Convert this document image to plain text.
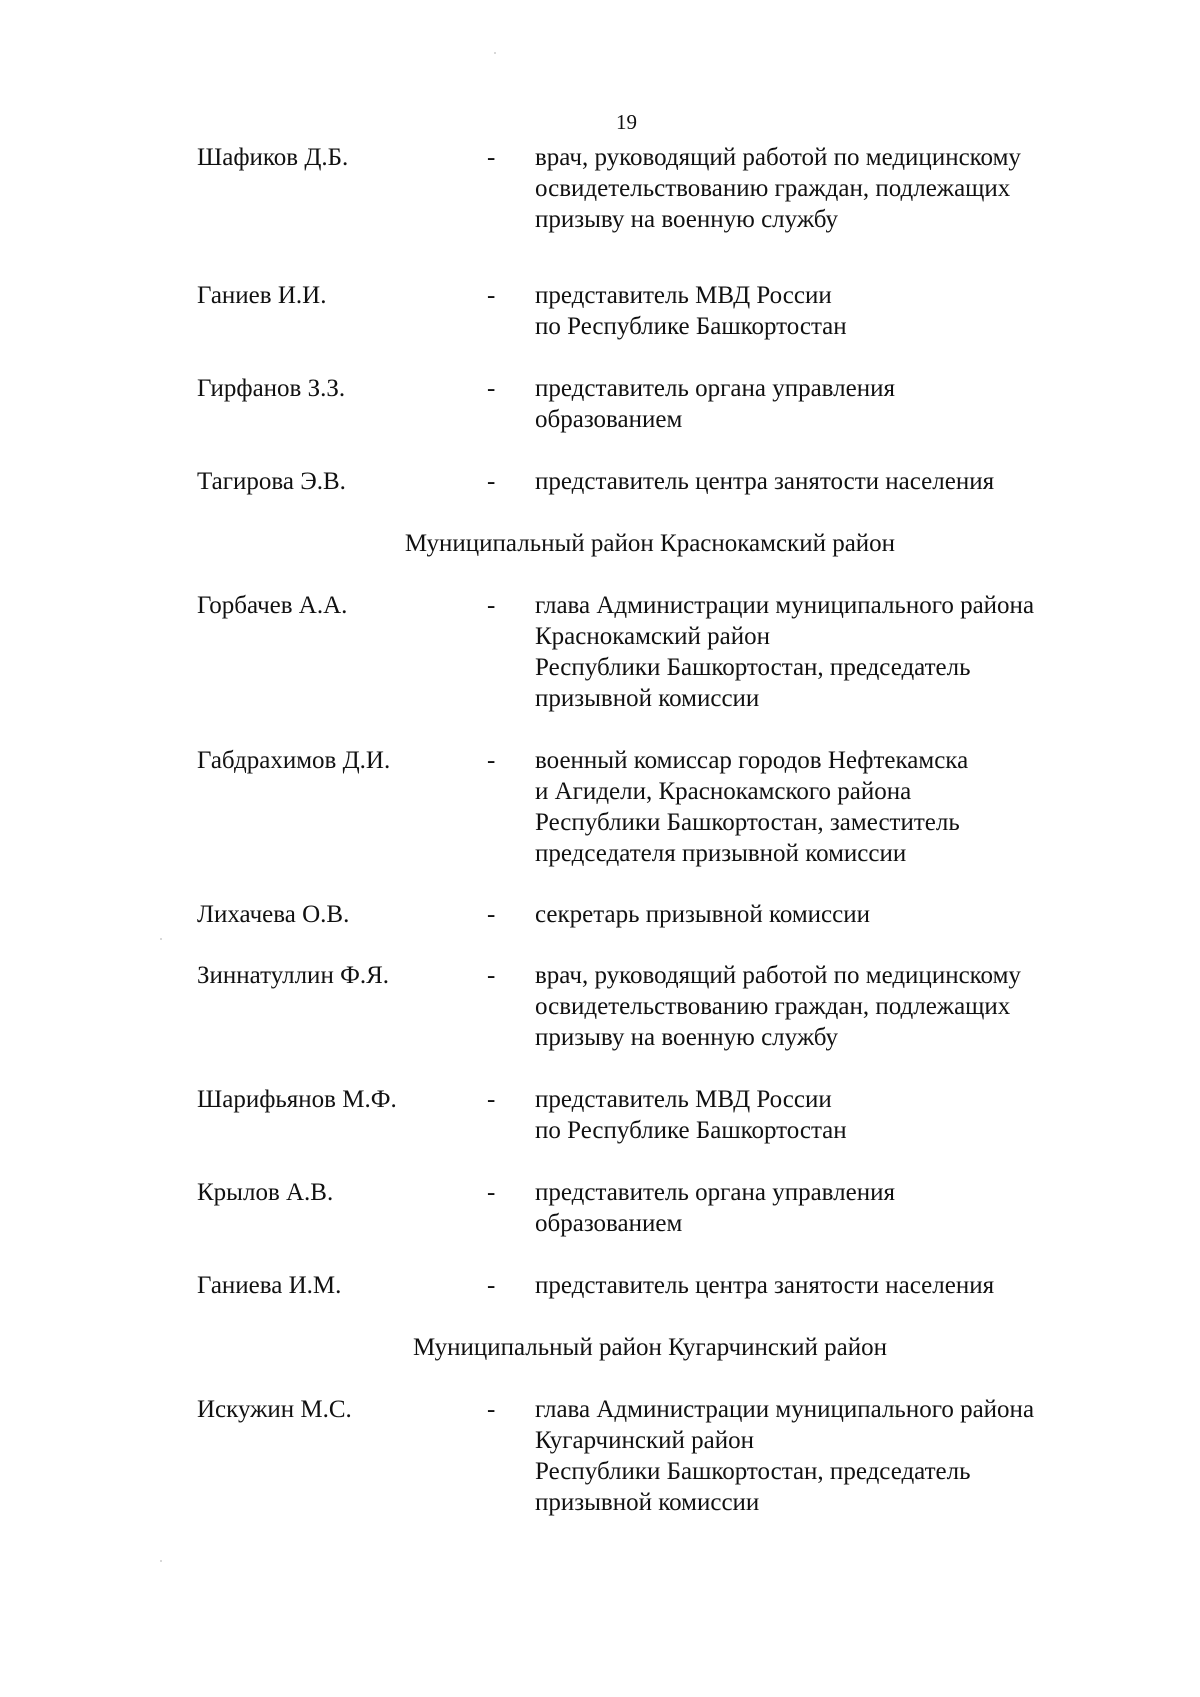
19
Шафиков Д.Б.	- врач, руководящий работой по медицинскому
освидетельствованию граждан, подлежащих
призыву на военную службу
Ганиев И.И.	- представитель МВД России
по Республике Башкортостан
Гирфанов З.З.	- представитель органа управления
образованием
Тагирова Э.В.	- представитель центра занятости населения
Муниципальный район Краснокамский район
Горбачев А.А.	- глава Администрации муниципального района
Краснокамский район
Республики Башкортостан, председатель
призывной комиссии
Габдрахимов Д.И.	- военный комиссар городов Нефтекамска
и Агидели, Краснокамского района
Республики Башкортостан, заместитель
председателя призывной комиссии
Лихачева О.В.	- секретарь призывной комиссии
Зиннатуллин Ф.Я.	- врач, руководящий работой по медицинскому
освидетельствованию граждан, подлежащих
призыву на военную службу
Шарифьянов М.Ф.	- представитель МВД России
по Республике Башкортостан
Крылов А.В.	- представитель органа управления
образованием
Ганиева И.М.	- представитель центра занятости населения
Муниципальный район Кугарчинский район
Искужин М.С.	- глава Администрации муниципального района
Кугарчинский район
Республики Башкортостан, председатель
призывной комиссии
